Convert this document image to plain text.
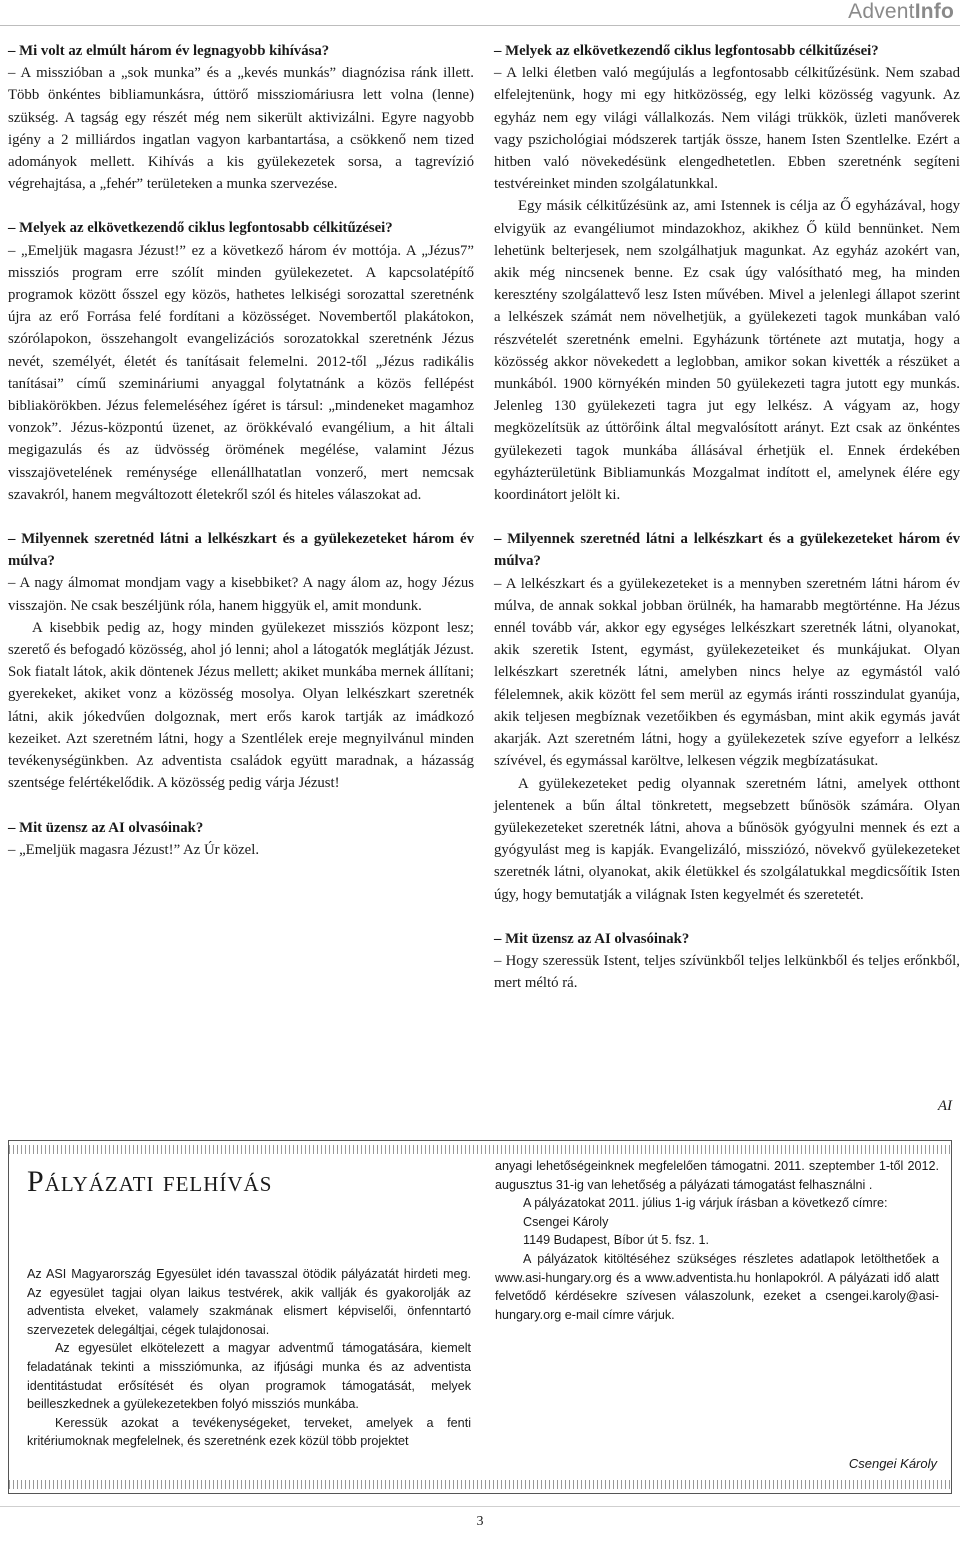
AdventInfo

– Mi volt az elmúlt három év legnagyobb kihívása?

– A misszióban a „sok munka” és a „kevés munkás” diagnózisa ránk illett. Több önkéntes bibliamunkásra, úttörő missziomáriusra lett volna (lenne) szükség. A tagság egy részét még nem sikerült aktivizálni. Egyre nagyobb igény a 2 milliárdos ingatlan vagyon karbantartása, a csökkenő nem tized adományok mellett. Kihívás a kis gyülekezetek sorsa, a tagrevízió végrehajtása, a „fehér” területeken a munka szervezése.

– Melyek az elkövetkezendő ciklus legfontosabb célkitűzései?

– „Emeljük magasra Jézust!” ez a következő három év mottója. A „Jézus7” missziós program erre szólít minden gyülekezetet. A kapcsolatépítő programok között ősszel egy közös, hathetes lelkiségi sorozattal szeretnénk újra az erő Forrása felé fordítani a közösséget. Novembertől plakátokon, szórólapokon, összehangolt evangelizációs sorozatokkal szeretnénk Jézus nevét, személyét, életét és tanításait felemelni. 2012-től „Jézus radikális tanításai” című szemináriumi anyaggal folytatnánk a közös fellépést bibliakörökben. Jézus felemeléséhez ígéret is társul: „mindeneket magamhoz vonzok”. Jézus-központú üzenet, az örökkévaló evangélium, a hit általi megigazulás és az üdvösség örömének megélése, valamint Jézus visszajövetelének reménysége ellenállhatatlan vonzerő, mert nemcsak szavakról, hanem megváltozott életekről szól és hiteles válaszokat ad.

– Milyennek szeretnéd látni a lelkészkart és a gyülekezeteket három év múlva?

– A nagy álmomat mondjam vagy a kisebbiket? A nagy álom az, hogy Jézus visszajön. Ne csak beszéljünk róla, hanem higgyük el, amit mondunk.

A kisebbik pedig az, hogy minden gyülekezet missziós központ lesz; szerető és befogadó közösség, ahol jó lenni; ahol a látogatók meglátják Jézust. Sok fiatalt látok, akik döntenek Jézus mellett; akiket munkába mernek állítani; gyerekeket, akiket vonz a közösség mosolya. Olyan lelkészkart szeretnék látni, akik jókedvűen dolgoznak, mert erős karok tartják az imádkozó kezeiket. Azt szeretném látni, hogy a Szentlélek ereje megnyilvánul minden tevékenységünkben. Az adventista családok együtt maradnak, a házasság szentsége felértékelődik. A közösség pedig várja Jézust!

– Mit üzensz az AI olvasóinak?

– „Emeljük magasra Jézust!” Az Úr közel.

– Melyek az elkövetkezendő ciklus legfontosabb célkitűzései?

– A lelki életben való megújulás a legfontosabb célkitűzésünk. Nem szabad elfelejtenünk, hogy mi egy hitközösség, egy lelki közösség vagyunk. Az egyház nem egy világi vállalkozás. Nem világi trükkök, üzleti manőverek vagy pszichológiai módszerek tartják össze, hanem Isten Szentlelke. Ezért a hitben való növekedésünk elengedhetetlen. Ebben szeretnénk segíteni testvéreinket minden szolgálatunkkal.

Egy másik célkitűzésünk az, ami Istennek is célja az Ő egyházával, hogy elvigyük az evangéliumot mindazokhoz, akikhez Ő küld bennünket. Nem lehetünk belterjesek, nem szolgálhatjuk magunkat. Az egyház azokért van, akik még nincsenek benne. Ez csak úgy valósítható meg, ha minden keresztény szolgálattevő lesz Isten művében. Mivel a jelenlegi állapot szerint a lelkészek számát nem növelhetjük, a gyülekezeti tagok munkában való részvételét szeretnénk emelni. Egyházunk története azt mutatja, hogy a közösség akkor növekedett a leglobban, amikor sokan kivették a részüket a munkából. 1900 környékén minden 50 gyülekezeti tagra jutott egy munkás. Jelenleg 130 gyülekezeti tagra jut egy lelkész. A vágyam az, hogy megközelítsük az úttörőink által megvalósított arányt. Ezt csak az önkéntes gyülekezeti tagok munkába állásával érhetjük el. Ennek érdekében egyházterületünk Bibliamunkás Mozgalmat indított el, amelynek élére egy koordinátort jelölt ki.

– Milyennek szeretnéd látni a lelkészkart és a gyülekezeteket három év múlva?

– A lelkészkart és a gyülekezeteket is a mennyben szeretném látni három év múlva, de annak sokkal jobban örülnék, ha hamarabb megtörténne. Ha Jézus ennél tovább vár, akkor egy egységes lelkészkart szeretnék látni, olyanokat, akik szeretik Istent, egymást, gyülekezeteiket és munkájukat. Olyan lelkészkart szeretnék látni, amelyben nincs helye az egymástól való félelemnek, akik között fel sem merül az egymás iránti rosszindulat gyanúja, akik teljesen megbíznak vezetőikben és egymásban, mint akik egymás javát akarják. Azt szeretném látni, hogy a gyülekezetek szíve egyeforr a lelkész szívével, és egymással karöltve, lelkesen végzik megbízatásukat.

A gyülekezeteket pedig olyannak szeretném látni, amelyek otthont jelentenek a bűn által tönkretett, megsebzett bűnösök számára. Olyan gyülekezeteket szeretnék látni, ahova a bűnösök gyógyulni mennek és ezt a gyógyulást meg is kapják. Evangelizáló, missziózó, növekvő gyülekezeteket szeretnék látni, olyanokat, akik életükkel és szolgálatukkal megdicsőítik Isten úgy, hogy bemutatják a világnak Isten kegyelmét és szeretetét.

– Mit üzensz az AI olvasóinak?

– Hogy szeressük Istent, teljes szívünkből teljes lelkünkből és teljes erőnkből, mert méltó rá.

AI
Pályázati felhívás

Az ASI Magyarország Egyesület idén tavasszal ötödik pályázatát hirdeti meg. Az egyesület tagjai olyan laikus testvérek, akik vallják és gyakorolják az adventista elveket, valamely szakmának elismert képviselői, önfenntartó szervezetek delegáltjai, cégek tulajdonosai.

Az egyesület elkötelezett a magyar adventmű támogatására, kiemelt feladatának tekinti a missziómunka, az ifjúsági munka és az adventista identitástudat erősítését és olyan programok támogatását, melyek beilleszkednek a gyülekezetekben folyó missziós munkába.

Keressük azokat a tevékenységeket, terveket, amelyek a fenti kritériumoknak megfelelnek, és szeretnénk ezek közül több projektet

anyagi lehetőségeinknek megfelelően támogatni. 2011. szeptember 1-től 2012. augusztus 31-ig van lehetőség a pályázati támogatást felhasználni .

A pályázatokat 2011. július 1-ig várjuk írásban a következő címre:

Csengei Károly

1149 Budapest, Bíbor út 5. fsz. 1.

A pályázatok kitöltéséhez szükséges részletes adatlapok letölthetőek a www.asi-hungary.org és a www.adventista.hu honlapokról. A pályázati idő alatt felvetődő kérdésekre szívesen válaszolunk, ezeket a csengei.karoly@asi-hungary.org e-mail címre várjuk.

Csengei Károly
3
